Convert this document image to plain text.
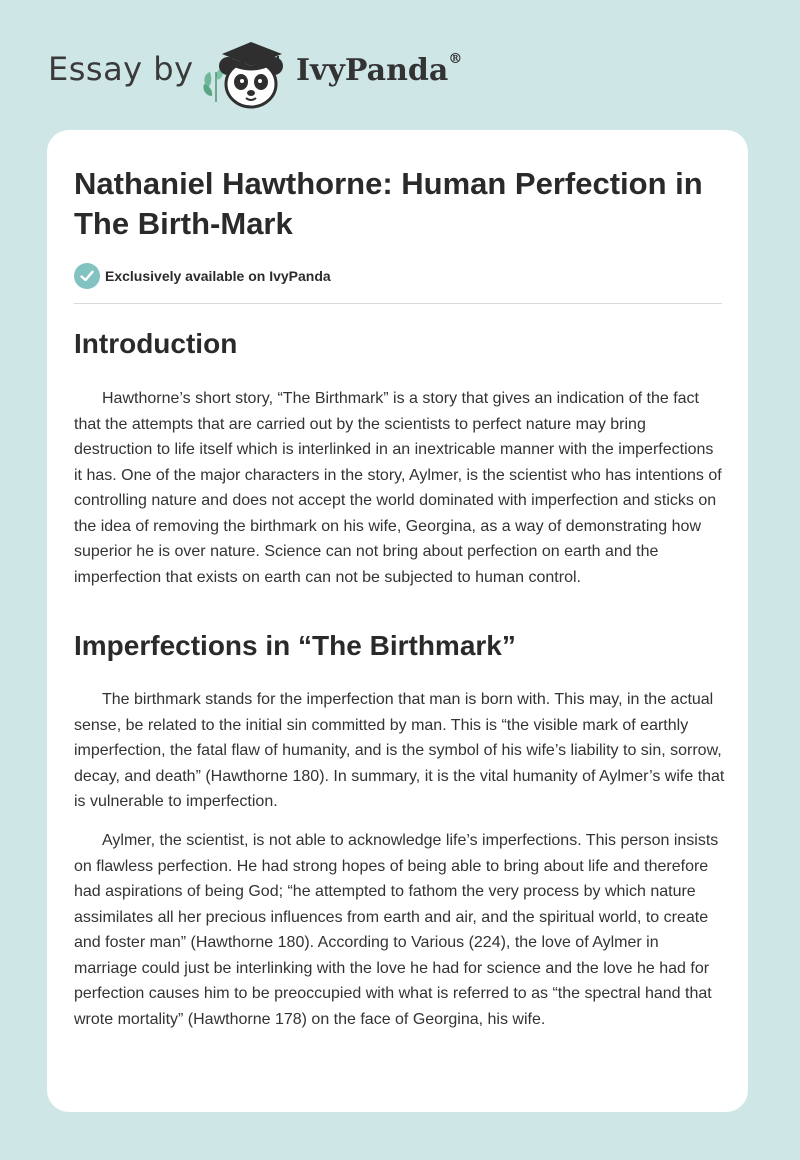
Essay by	IvyPanda®
Nathaniel Hawthorne: Human Perfection in The Birth-Mark
Exclusively available on IvyPanda
Introduction

Hawthorne’s short story, “The Birthmark” is a story that gives an indication of the fact that the attempts that are carried out by the scientists to perfect nature may bring destruction to life itself which is interlinked in an inextricable manner with the imperfections it has. One of the major characters in the story, Aylmer, is the scientist who has intentions of controlling nature and does not accept the world dominated with imperfection and sticks on the idea of removing the birthmark on his wife, Georgina, as a way of demonstrating how superior he is over nature. Science can not bring about perfection on earth and the imperfection that exists on earth can not be subjected to human control.

Imperfections in “The Birthmark”

The birthmark stands for the imperfection that man is born with. This may, in the actual sense, be related to the initial sin committed by man. This is “the visible mark of earthly imperfection, the fatal flaw of humanity, and is the symbol of his wife’s liability to sin, sorrow, decay, and death” (Hawthorne 180). In summary, it is the vital humanity of Aylmer’s wife that is vulnerable to imperfection.

Aylmer, the scientist, is not able to acknowledge life’s imperfections. This person insists on flawless perfection. He had strong hopes of being able to bring about life and therefore had aspirations of being God; “he attempted to fathom the very process by which nature assimilates all her precious influences from earth and air, and the spiritual world, to create and foster man” (Hawthorne 180). According to Various (224), the love of Aylmer in marriage could just be interlinking with the love he had for science and the love he had for perfection causes him to be preoccupied with what is referred to as “the spectral hand that wrote mortality” (Hawthorne 178) on the face of Georgina, his wife.
